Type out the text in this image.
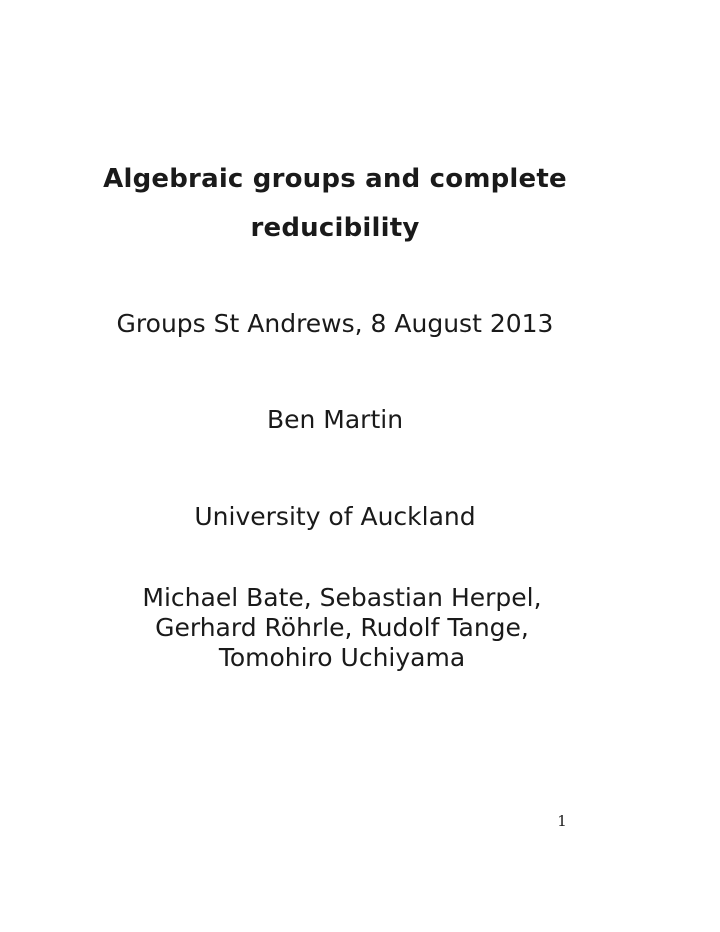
Algebraic groups and complete
reducibility
Groups St Andrews, 8 August 2013
Ben Martin
University of Auckland
Michael Bate, Sebastian Herpel,
Gerhard Röhrle, Rudolf Tange,
Tomohiro Uchiyama
1
